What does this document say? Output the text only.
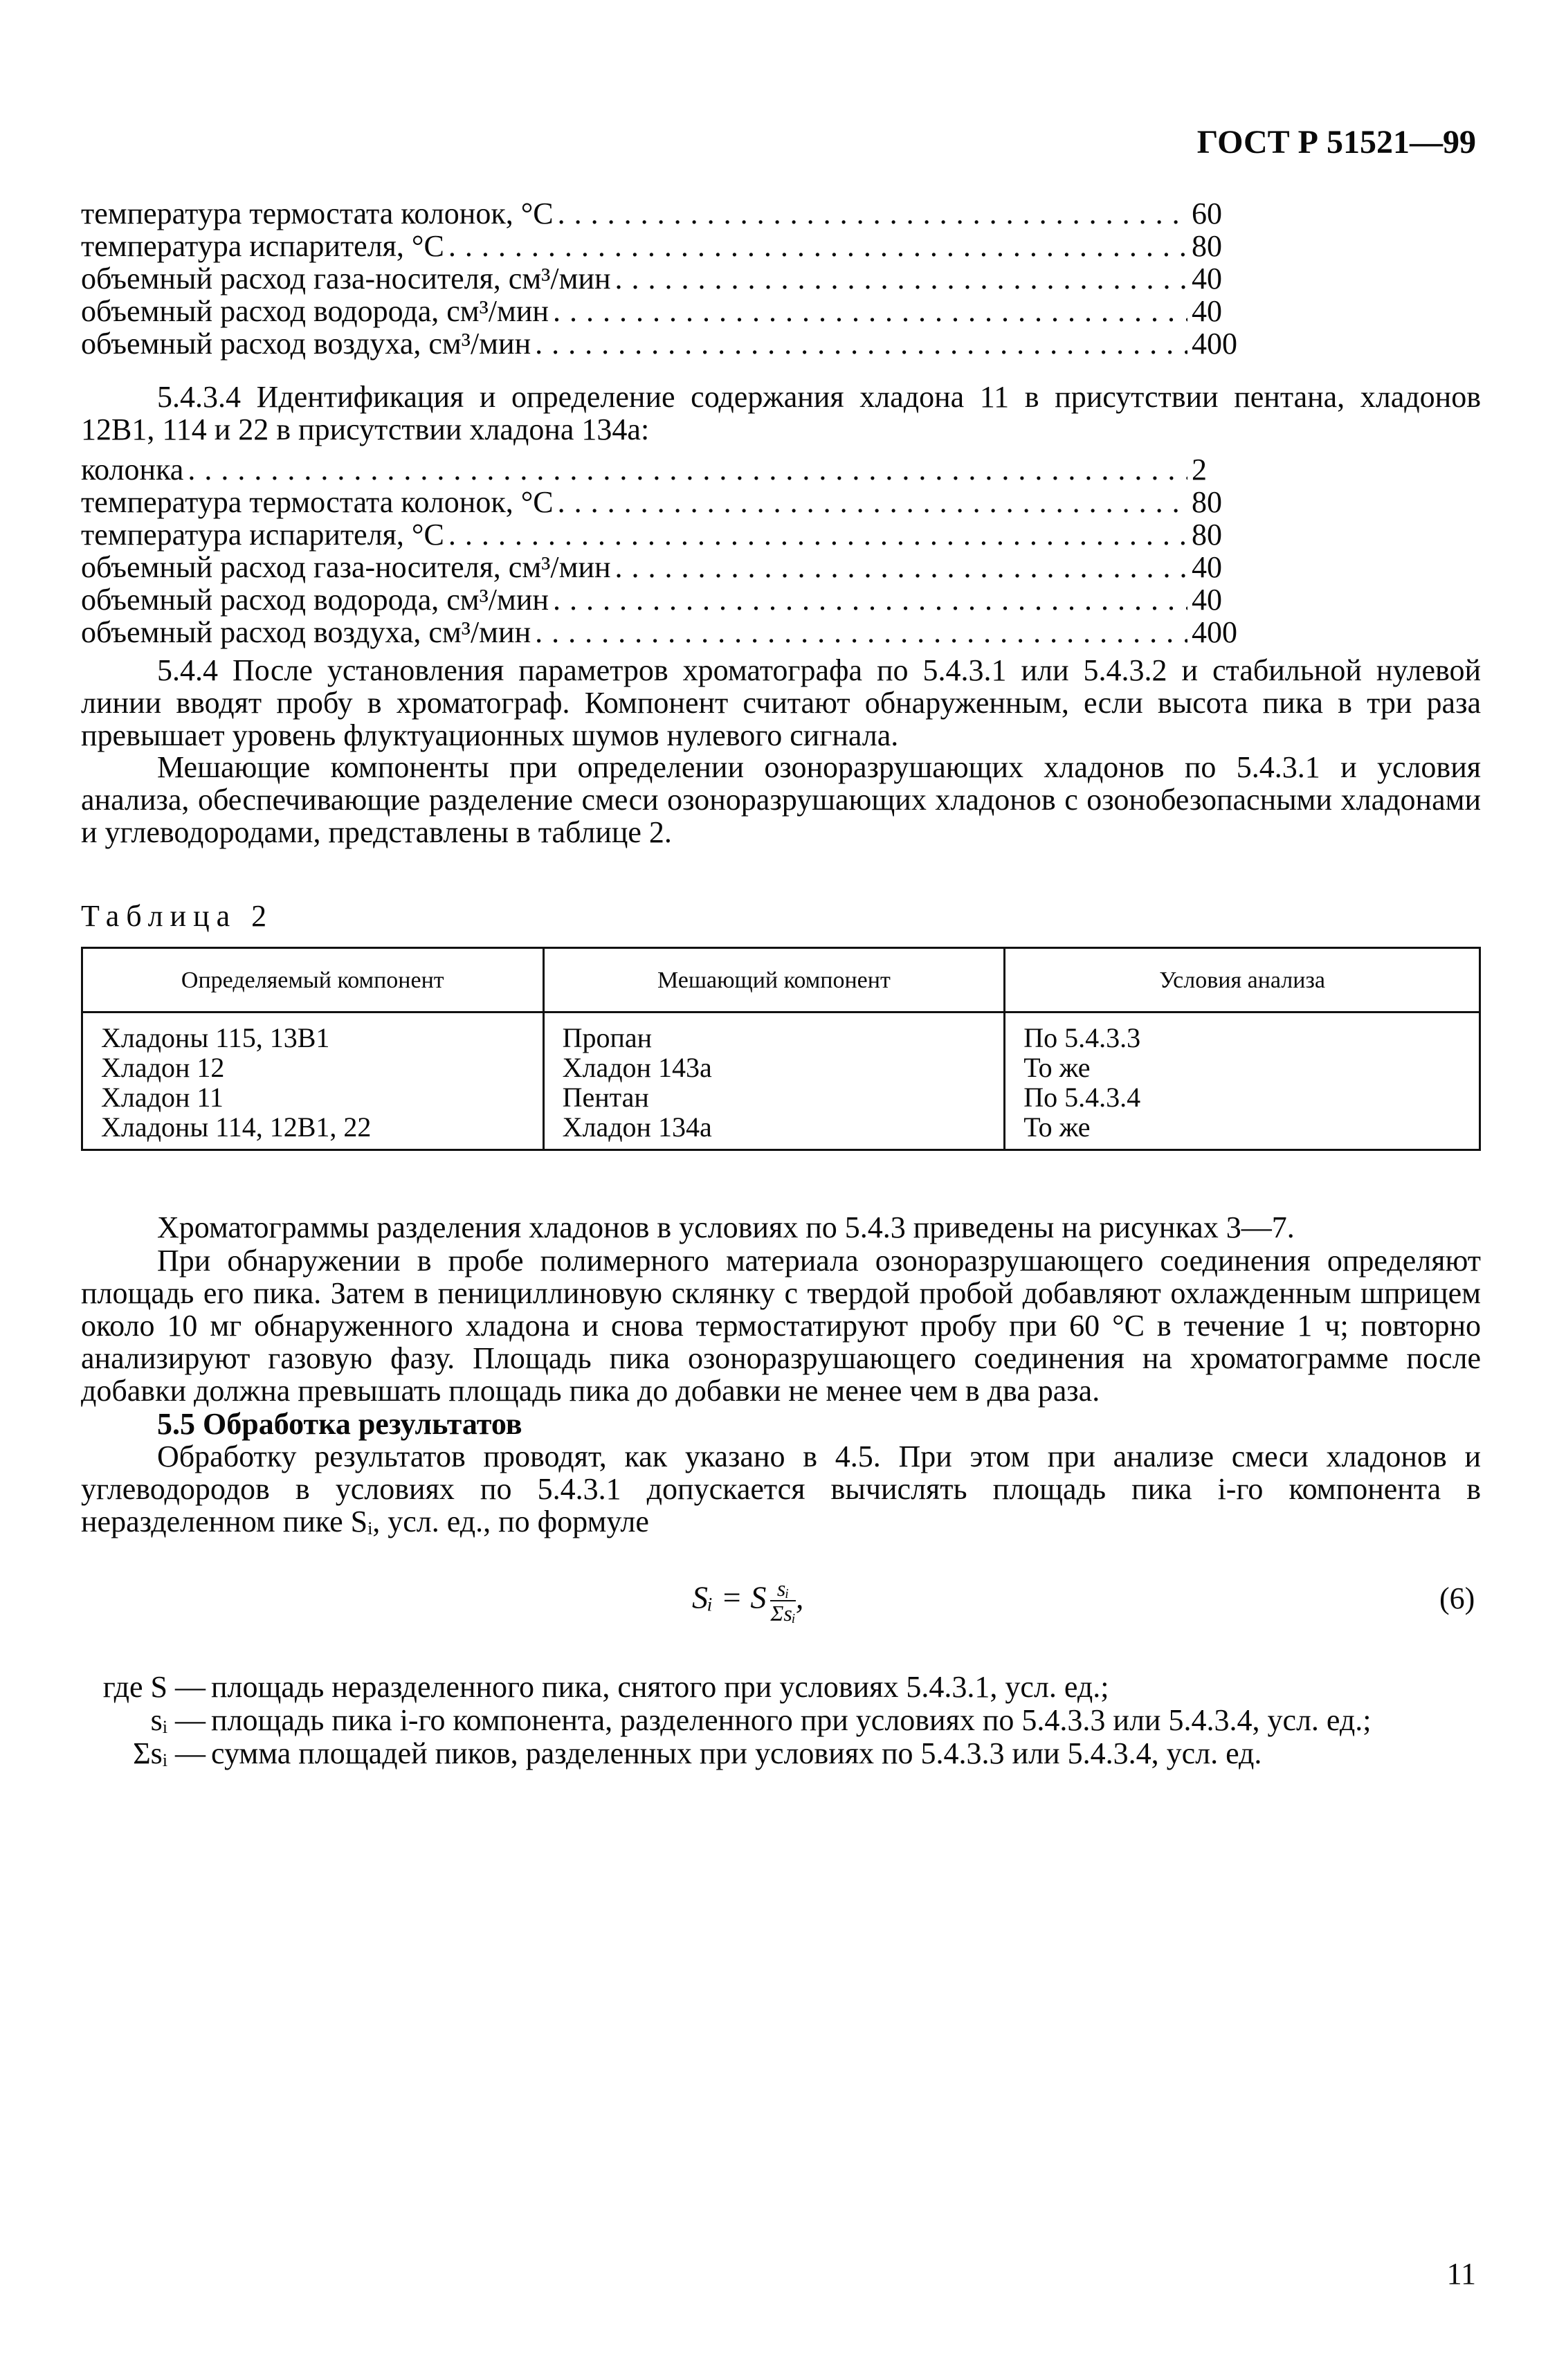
ГОСТ Р 51521—99
температура термостата колонок, °С . . .	60
температура испарителя, °С . . .	80
объемный расход газа-носителя, см³/мин . . .	40
объемный расход водорода, см³/мин . . .	40
объемный расход воздуха, см³/мин . . .	400

5.4.3.4 Идентификация и определение содержания хладона 11 в присутствии пентана, хладонов 12В1, 114 и 22 в присутствии хладона 134а:

колонка . . .	2
температура термостата колонок, °С . . .	80
температура испарителя, °С . . .	80
объемный расход газа-носителя, см³/мин . . .	40
объемный расход водорода, см³/мин . . .	40
объемный расход воздуха, см³/мин . . .	400

5.4.4 После установления параметров хроматографа по 5.4.3.1 или 5.4.3.2 и стабильной нулевой линии вводят пробу в хроматограф. Компонент считают обнаруженным, если высота пика в три раза превышает уровень флуктуационных шумов нулевого сигнала.

Мешающие компоненты при определении озоноразрушающих хладонов по 5.4.3.1 и условия анализа, обеспечивающие разделение смеси озоноразрушающих хладонов с озонобезопасными хладонами и углеводородами, представлены в таблице 2.

Таблица 2
Определяемый компонент	Мешающий компонент	Условия анализа
Хладоны 115, 13В1	Пропан	По 5.4.3.3
Хладон 12	Хладон 143а	То же
Хладон 11	Пентан	По 5.4.3.4
Хладоны 114, 12В1, 22	Хладон 134а	То же

Хроматограммы разделения хладонов в условиях по 5.4.3 приведены на рисунках 3—7.

При обнаружении в пробе полимерного материала озоноразрушающего соединения определяют площадь его пика. Затем в пенициллиновую склянку с твердой пробой добавляют охлажденным шприцем около 10 мг обнаруженного хладона и снова термостатируют пробу при 60 °С в течение 1 ч; повторно анализируют газовую фазу. Площадь пика озоноразрушающего соединения на хроматограмме после добавки должна превышать площадь пика до добавки не менее чем в два раза.

5.5 Обработка результатов

Обработку результатов проводят, как указано в 4.5. При этом при анализе смеси хладонов и углеводородов в условиях по 5.4.3.1 допускается вычислять площадь пика i-го компонента в неразделенном пике Sᵢ, усл. ед., по формуле

Sᵢ = S $\frac{\text{sᵢ}}{\text{Σsᵢ}}$ ,	(6)
где S — площадь неразделенного пика, снятого при условиях 5.4.3.1, усл. ед.;
sᵢ — площадь пика i-го компонента, разделенного при условиях по 5.4.3.3 или 5.4.3.4, усл. ед.;
Σsᵢ — сумма площадей пиков, разделенных при условиях по 5.4.3.3 или 5.4.3.4, усл. ед.
11
